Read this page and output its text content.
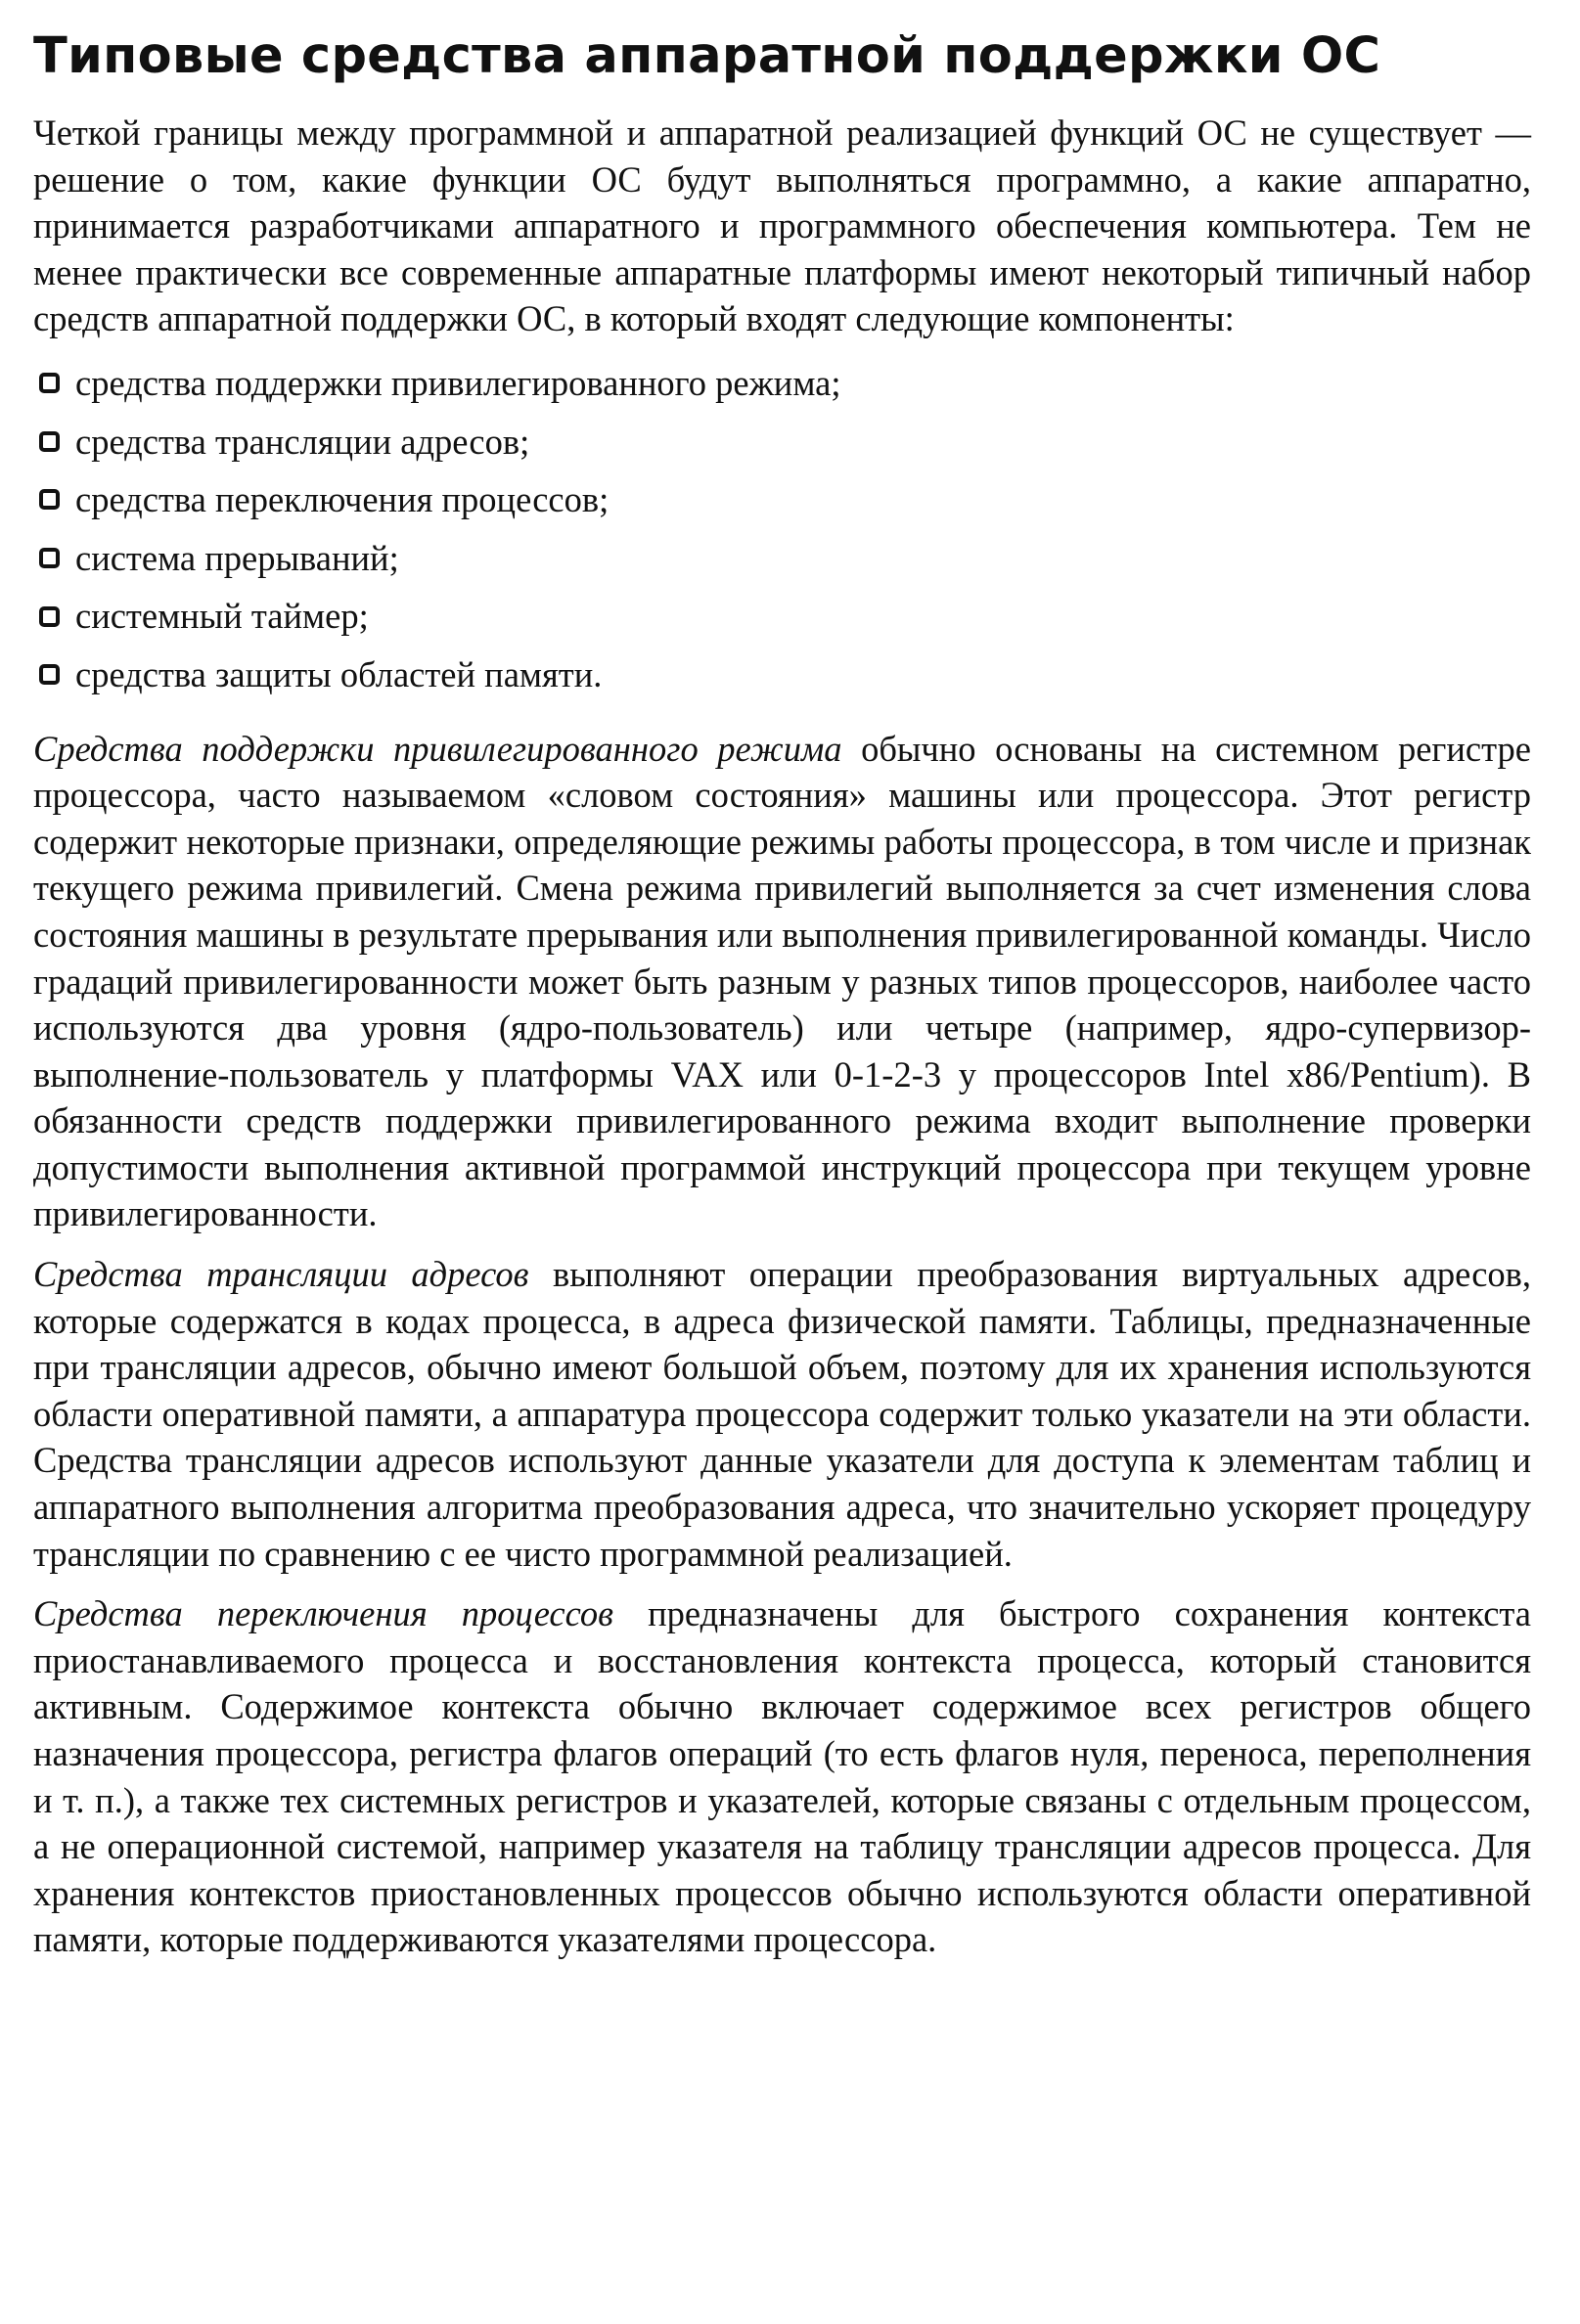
Типовые средства аппаратной поддержки ОС

Четкой границы между программной и аппаратной реализацией функций ОС не существует — решение о том, какие функции ОС будут выполняться программно, а какие аппаратно, принимается разработчиками аппаратного и программного обеспечения компьютера. Тем не менее практически все современные аппаратные платформы имеют некоторый типичный набор средств аппаратной поддержки ОС, в который входят следующие компоненты:

средства поддержки привилегированного режима;
средства трансляции адресов;
средства переключения процессов;
система прерываний;
системный таймер;
средства защиты областей памяти.

Средства поддержки привилегированного режима обычно основаны на системном регистре процессора, часто называемом «словом состояния» машины или процессора. Этот регистр содержит некоторые признаки, определяющие режимы работы процессора, в том числе и признак текущего режима привилегий. Смена режима привилегий выполняется за счет изменения слова состояния машины в результате прерывания или выполнения привилегированной команды. Число градаций привилегированности может быть разным у разных типов процессоров, наиболее часто используются два уровня (ядро-пользователь) или четыре (например, ядро-супервизор-выполнение-пользователь у платформы VAX или 0-1-2-3 у процессоров Intel x86/Pentium). В обязанности средств поддержки привилегированного режима входит выполнение проверки допустимости выполнения активной программой инструкций процессора при текущем уровне привилегированности.

Средства трансляции адресов выполняют операции преобразования виртуальных адресов, которые содержатся в кодах процесса, в адреса физической памяти. Таблицы, предназначенные при трансляции адресов, обычно имеют большой объем, поэтому для их хранения используются области оперативной памяти, а аппаратура процессора содержит только указатели на эти области. Средства трансляции адресов используют данные указатели для доступа к элементам таблиц и аппаратного выполнения алгоритма преобразования адреса, что значительно ускоряет процедуру трансляции по сравнению с ее чисто программной реализацией.

Средства переключения процессов предназначены для быстрого сохранения контекста приостанавливаемого процесса и восстановления контекста процесса, который становится активным. Содержимое контекста обычно включает содержимое всех регистров общего назначения процессора, регистра флагов операций (то есть флагов нуля, переноса, переполнения и т. п.), а также тех системных регистров и указателей, которые связаны с отдельным процессом, а не операционной системой, например указателя на таблицу трансляции адресов процесса. Для хранения контекстов приостановленных процессов обычно используются области оперативной памяти, которые поддерживаются указателями процессора.
